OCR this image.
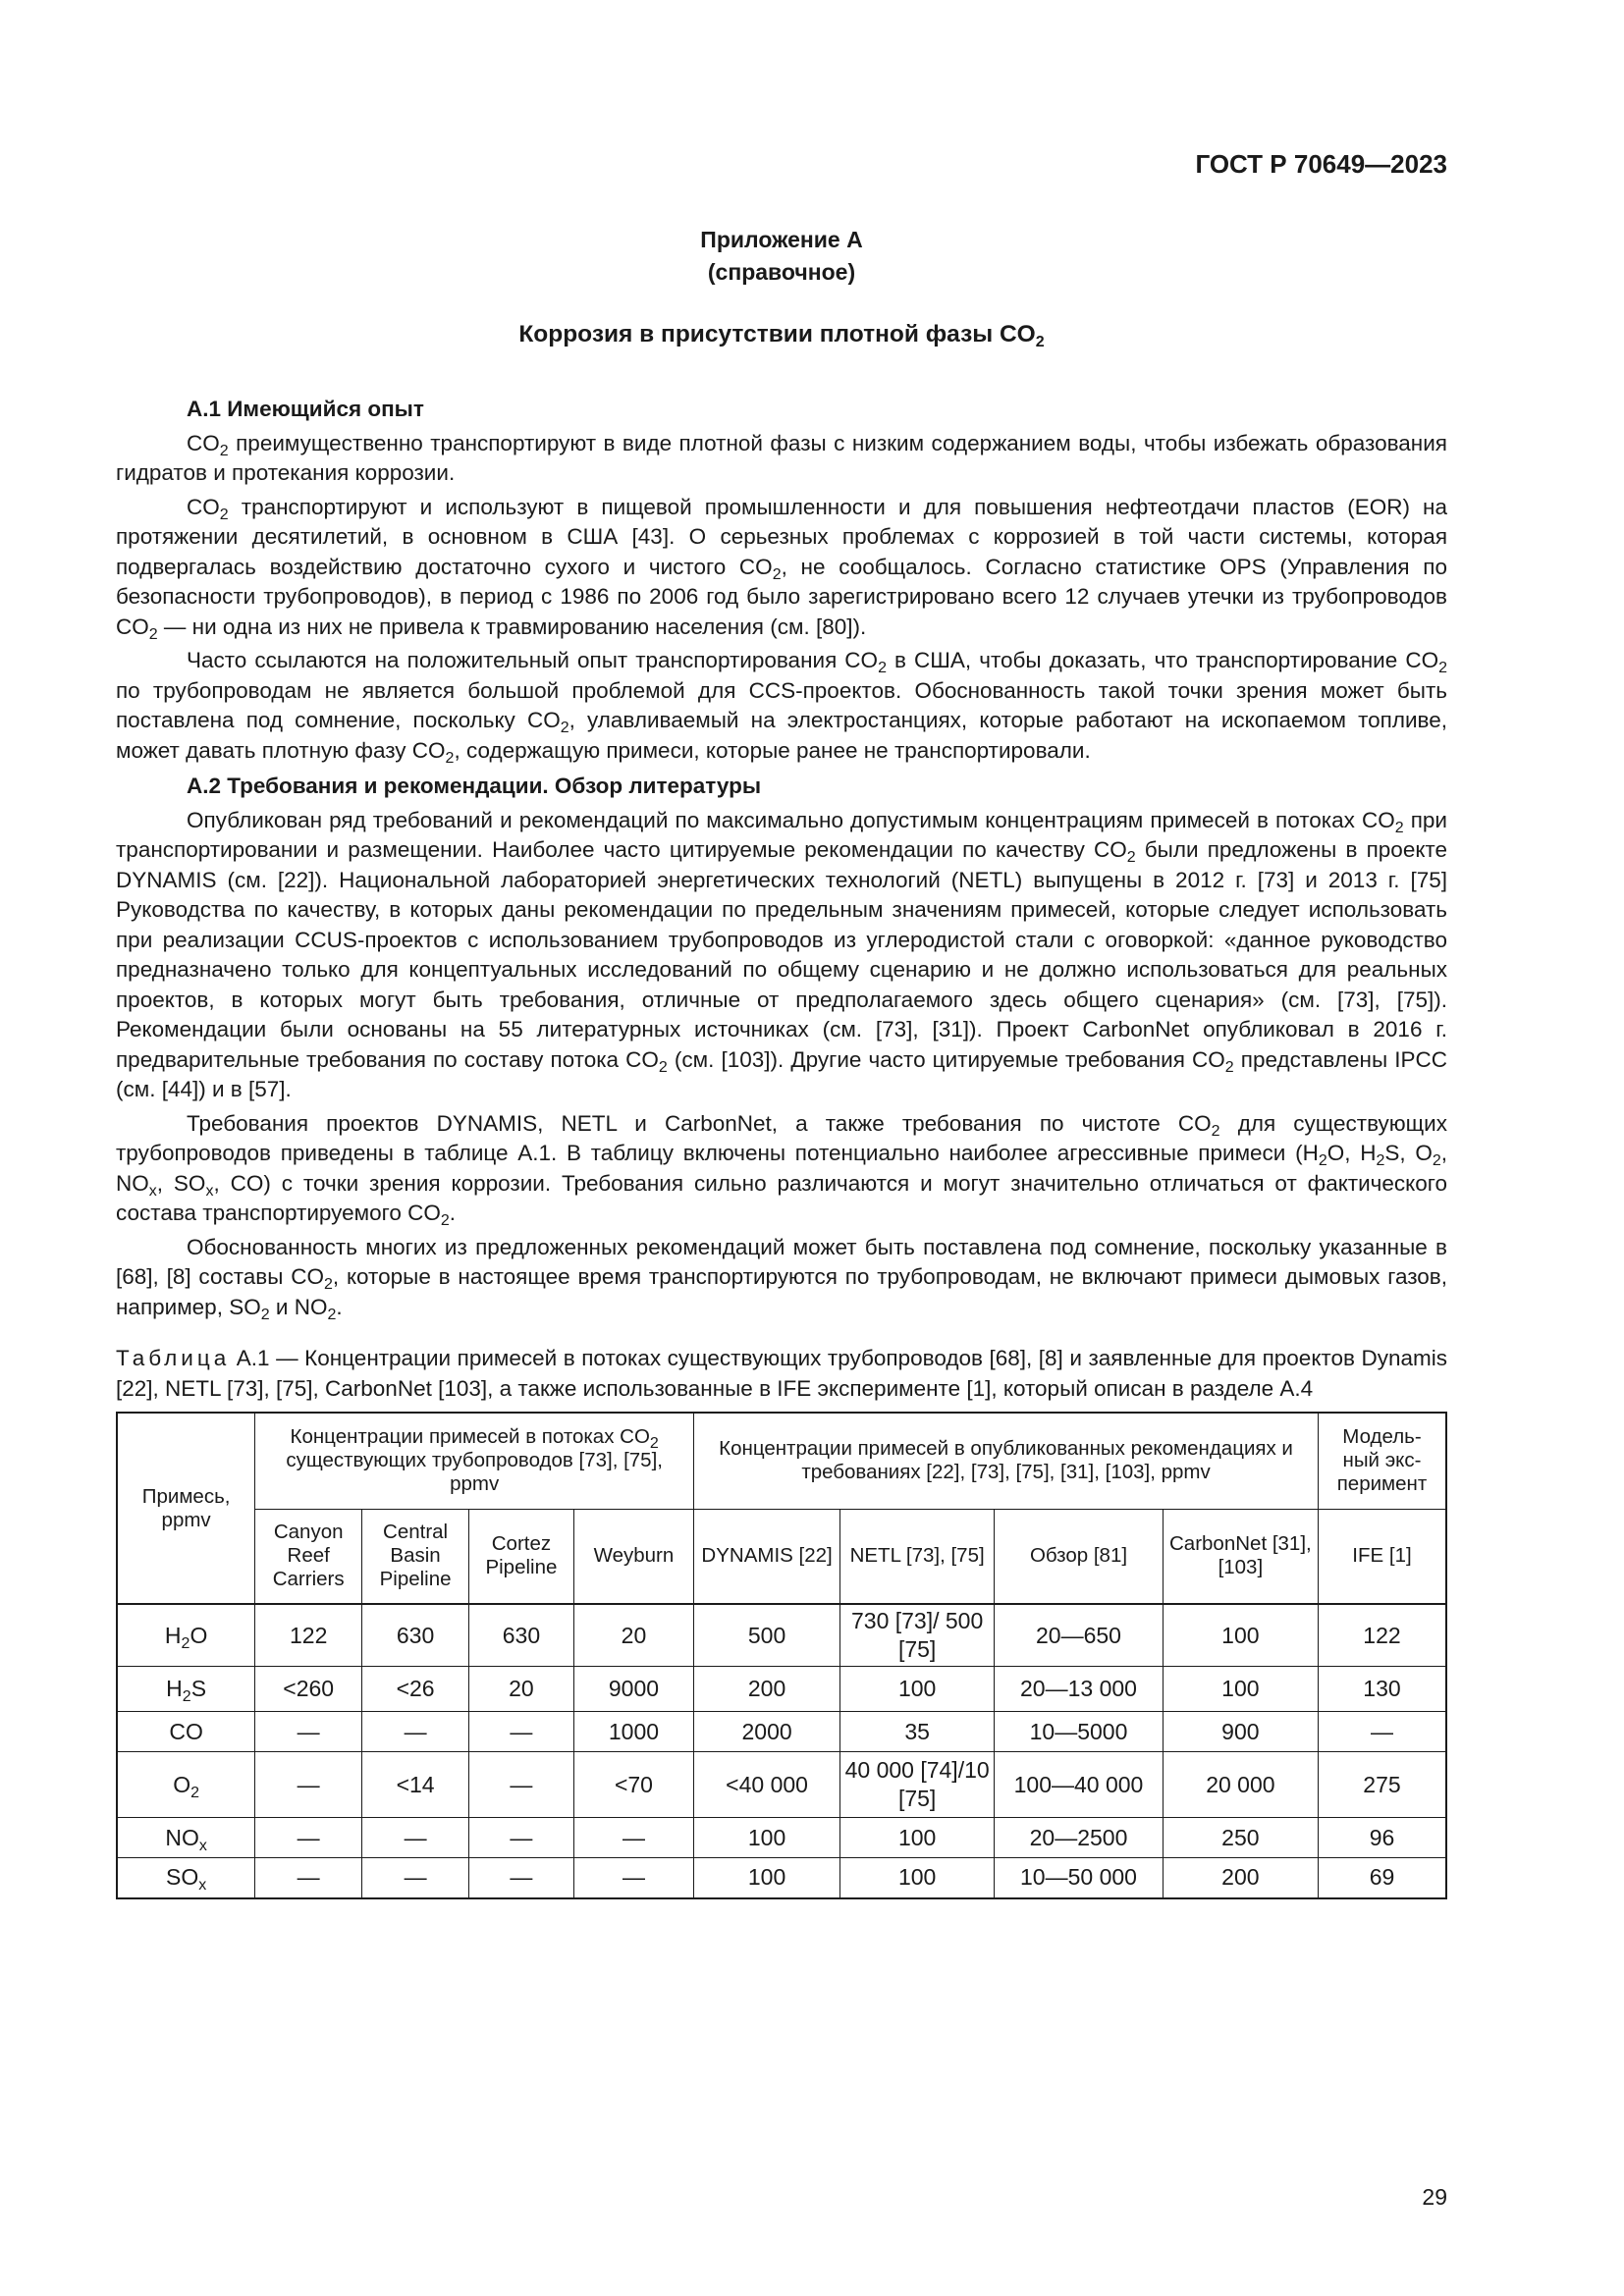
ГОСТ Р 70649—2023
Приложение А
(справочное)
Коррозия в присутствии плотной фазы $CO_2$
А.1 Имеющийся опыт

$CO_2$ преимущественно транспортируют в виде плотной фазы с низким содержанием воды, чтобы избежать образования гидратов и протекания коррозии.

$CO_2$ транспортируют и используют в пищевой промышленности и для повышения нефтеотдачи пластов (EOR) на протяжении десятилетий, в основном в США [43]. О серьезных проблемах с коррозией в той части системы, которая подвергалась воздействию достаточно сухого и чистого $CO_2$, не сообщалось. Согласно статистике OPS (Управления по безопасности трубопроводов), в период с 1986 по 2006 год было зарегистрировано всего 12 случаев утечки из трубопроводов $CO_2$ — ни одна из них не привела к травмированию населения (см. [80]).

Часто ссылаются на положительный опыт транспортирования $CO_2$ в США, чтобы доказать, что транспортирование $CO_2$ по трубопроводам не является большой проблемой для CCS-проектов. Обоснованность такой точки зрения может быть поставлена под сомнение, поскольку $CO_2$, улавливаемый на электростанциях, которые работают на ископаемом топливе, может давать плотную фазу $CO_2$, содержащую примеси, которые ранее не транспортировали.

А.2 Требования и рекомендации. Обзор литературы

Опубликован ряд требований и рекомендаций по максимально допустимым концентрациям примесей в потоках $CO_2$ при транспортировании и размещении. Наиболее часто цитируемые рекомендации по качеству $CO_2$ были предложены в проекте DYNAMIS (см. [22]). Национальной лабораторией энергетических технологий (NETL) выпущены в 2012 г. [73] и 2013 г. [75] Руководства по качеству, в которых даны рекомендации по предельным значениям примесей, которые следует использовать при реализации CCUS-проектов с использованием трубопроводов из углеродистой стали с оговоркой: «данное руководство предназначено только для концептуальных исследований по общему сценарию и не должно использоваться для реальных проектов, в которых могут быть требования, отличные от предполагаемого здесь общего сценария» (см. [73], [75]). Рекомендации были основаны на 55 литературных источниках (см. [73], [31]). Проект CarbonNet опубликовал в 2016 г. предварительные требования по составу потока $CO_2$ (см. [103]). Другие часто цитируемые требования $CO_2$ представлены IPCC (см. [44]) и в [57].

Требования проектов DYNAMIS, NETL и CarbonNet, а также требования по чистоте $CO_2$ для существующих трубопроводов приведены в таблице А.1. В таблицу включены потенциально наиболее агрессивные примеси ($H_2O$, $H_2S$, $O_2$, $NO_x$, $SO_x$, CO) с точки зрения коррозии. Требования сильно различаются и могут значительно отличаться от фактического состава транспортируемого $CO_2$.

Обоснованность многих из предложенных рекомендаций может быть поставлена под сомнение, поскольку указанные в [68], [8] составы $CO_2$, которые в настоящее время транспортируются по трубопроводам, не включают примеси дымовых газов, например, $SO_2$ и $NO_2$.

Таблица А.1 — Концентрации примесей в потоках существующих трубопроводов [68], [8] и заявленные для проектов Dynamis [22], NETL [73], [75], CarbonNet [103], а также использованные в IFE эксперименте [1], который описан в разделе А.4
Примесь, ppmv	Концентрации примесей в потоках $CO_2$ существующих трубопроводов [73], [75], ppmv				Концентрации примесей в опубликованных рекомендациях и требованиях [22], [73], [75], [31], [103], ppmv				Модель-ный экс-перимент
	Canyon Reef Carriers	Central Basin Pipeline	Cortez Pipeline	Weyburn	DYNAMIS [22]	NETL [73], [75]	Обзор [81]	CarbonNet [31], [103]	IFE [1]
$H_2O$	122	630	630	20	500	730 [73]/ 500 [75]	20—650	100	122
$H_2S$	<260	<26	20	9000	200	100	20—13 000	100	130
CO	—	—	—	1000	2000	35	10—5000	900	—
$O_2$	—	<14	—	<70	<40 000	40 000 [74]/10 [75]	100—40 000	20 000	275
$NO_x$	—	—	—	—	100	100	20—2500	250	96
$SO_x$	—	—	—	—	100	100	10—50 000	200	69
29
